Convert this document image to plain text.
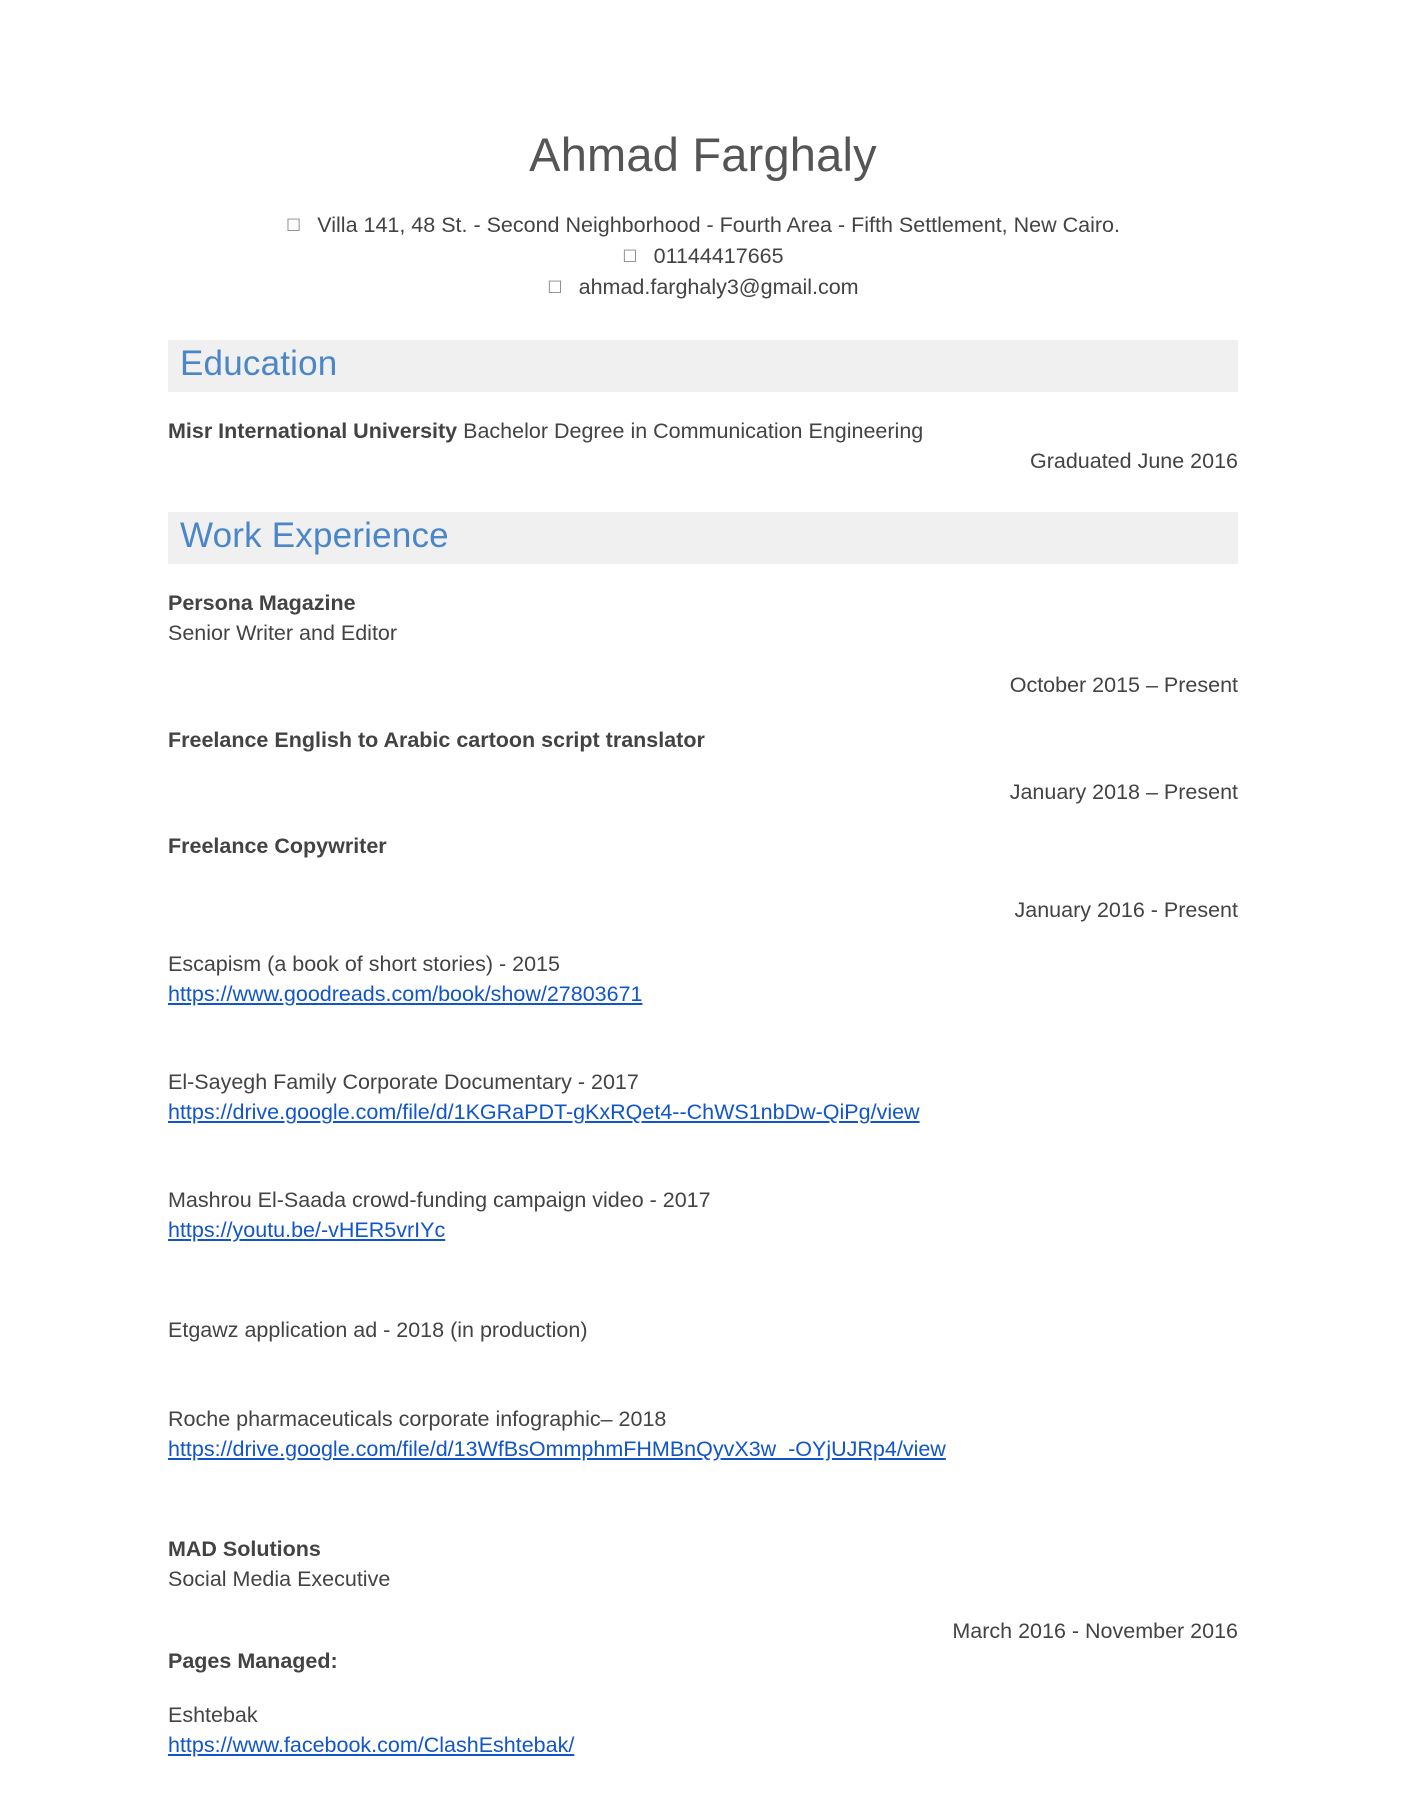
Ahmad Farghaly

☐ Villa 141, 48 St. - Second Neighborhood - Fourth Area - Fifth Settlement, New Cairo.

☐ 01144417665

☐ ahmad.farghaly3@gmail.com

Education

Misr International University Bachelor Degree in Communication Engineering

Graduated June 2016

Work Experience

Persona Magazine

Senior Writer and Editor

October 2015 – Present

Freelance English to Arabic cartoon script translator

January 2018 – Present

Freelance Copywriter

January 2016 - Present

Escapism (a book of short stories) - 2015

https://www.goodreads.com/book/show/27803671

El-Sayegh Family Corporate Documentary - 2017

https://drive.google.com/file/d/1KGRaPDT-gKxRQet4--ChWS1nbDw-QiPg/view

Mashrou El-Saada crowd-funding campaign video - 2017

https://youtu.be/-vHER5vrIYc

Etgawz application ad - 2018 (in production)

Roche pharmaceuticals corporate infographic– 2018

https://drive.google.com/file/d/13WfBsOmmphmFHMBnQyvX3w_-OYjUJRp4/view

MAD Solutions

Social Media Executive

March 2016 - November 2016

Pages Managed:

Eshtebak

https://www.facebook.com/ClashEshtebak/
